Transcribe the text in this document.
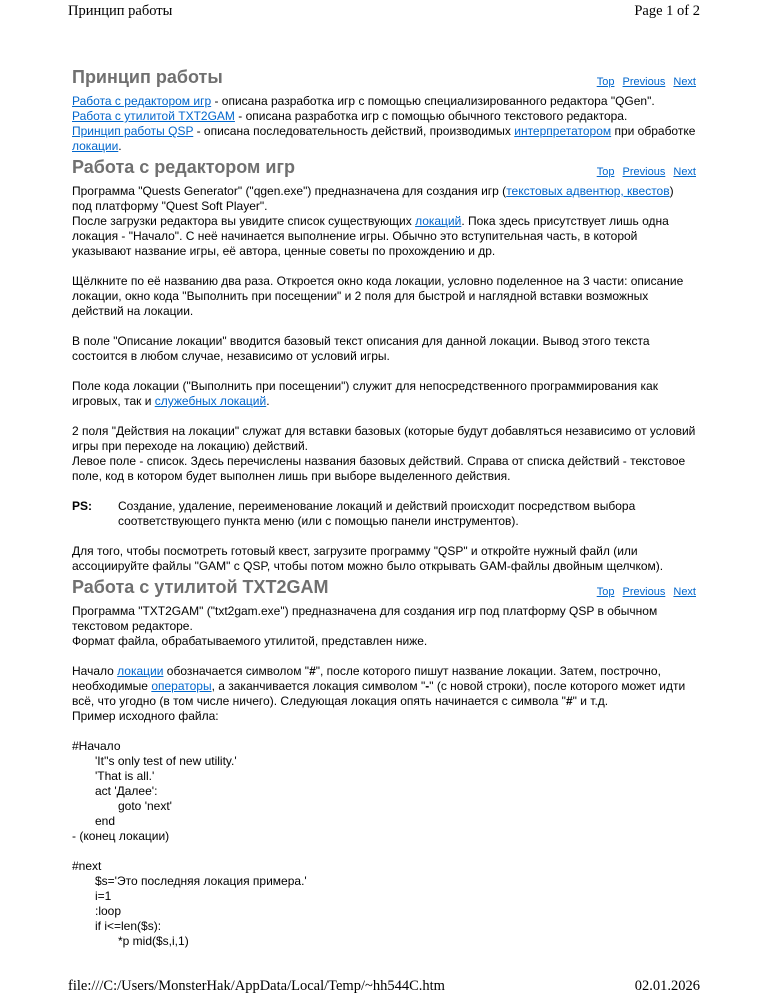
Принцип работы	Page 1 of 2
Принцип работы	Top Previous Next

Работа с редактором игр - описана разработка игр с помощью специализированного редактора "QGen".

Работа с утилитой TXT2GAM - описана разработка игр с помощью обычного текстового редактора.

Принцип работы QSP - описана последовательность действий, производимых интерпретатором при обработке локации.

Работа с редактором игр	Top Previous Next

Программа "Quests Generator" ("qgen.exe") предназначена для создания игр (текстовых адвентюр, квестов) под платформу "Quest Soft Player".

После загрузки редактора вы увидите список существующих локаций. Пока здесь присутствует лишь одна локация - "Начало". С неё начинается выполнение игры. Обычно это вступительная часть, в которой указывают название игры, её автора, ценные советы по прохождению и др.

Щёлкните по её названию два раза. Откроется окно кода локации, условно поделенное на 3 части: описание локации, окно кода "Выполнить при посещении" и 2 поля для быстрой и наглядной вставки возможных действий на локации.

В поле "Описание локации" вводится базовый текст описания для данной локации. Вывод этого текста состоится в любом случае, независимо от условий игры.

Поле кода локации ("Выполнить при посещении") служит для непосредственного программирования как игровых, так и служебных локаций.

2 поля "Действия на локации" служат для вставки базовых (которые будут добавляться независимо от условий игры при переходе на локацию) действий.

Левое поле - список. Здесь перечислены названия базовых действий. Справа от списка действий - текстовое поле, код в котором будет выполнен лишь при выборе выделенного действия.

PS:	Создание, удаление, переименование локаций и действий происходит посредством выбора соответствующего пункта меню (или с помощью панели инструментов).

Для того, чтобы посмотреть готовый квест, загрузите программу "QSP" и откройте нужный файл (или ассоциируйте файлы "GAM" с QSP, чтобы потом можно было открывать GAM-файлы двойным щелчком).

Работа с утилитой TXT2GAM	Top Previous Next

Программа "TXT2GAM" ("txt2gam.exe") предназначена для создания игр под платформу QSP в обычном текстовом редакторе.

Формат файла, обрабатываемого утилитой, представлен ниже.

Начало локации обозначается символом "#", после которого пишут название локации. Затем, построчно, необходимые операторы, а заканчивается локация символом "-" (с новой строки), после которого может идти всё, что угодно (в том числе ничего). Следующая локация опять начинается с символа "#" и т.д.

Пример исходного файла:

#Начало
'It''s only test of new utility.'
'That is all.'
act 'Далее':
goto 'next'
end
- (конец локации)
#next
$s='Это последняя локация примера.'
i=1
:loop
if i<=len($s):
*p mid($s,i,1)
file:///C:/Users/MonsterHak/AppData/Local/Temp/~hh544C.htm	02.01.2026
